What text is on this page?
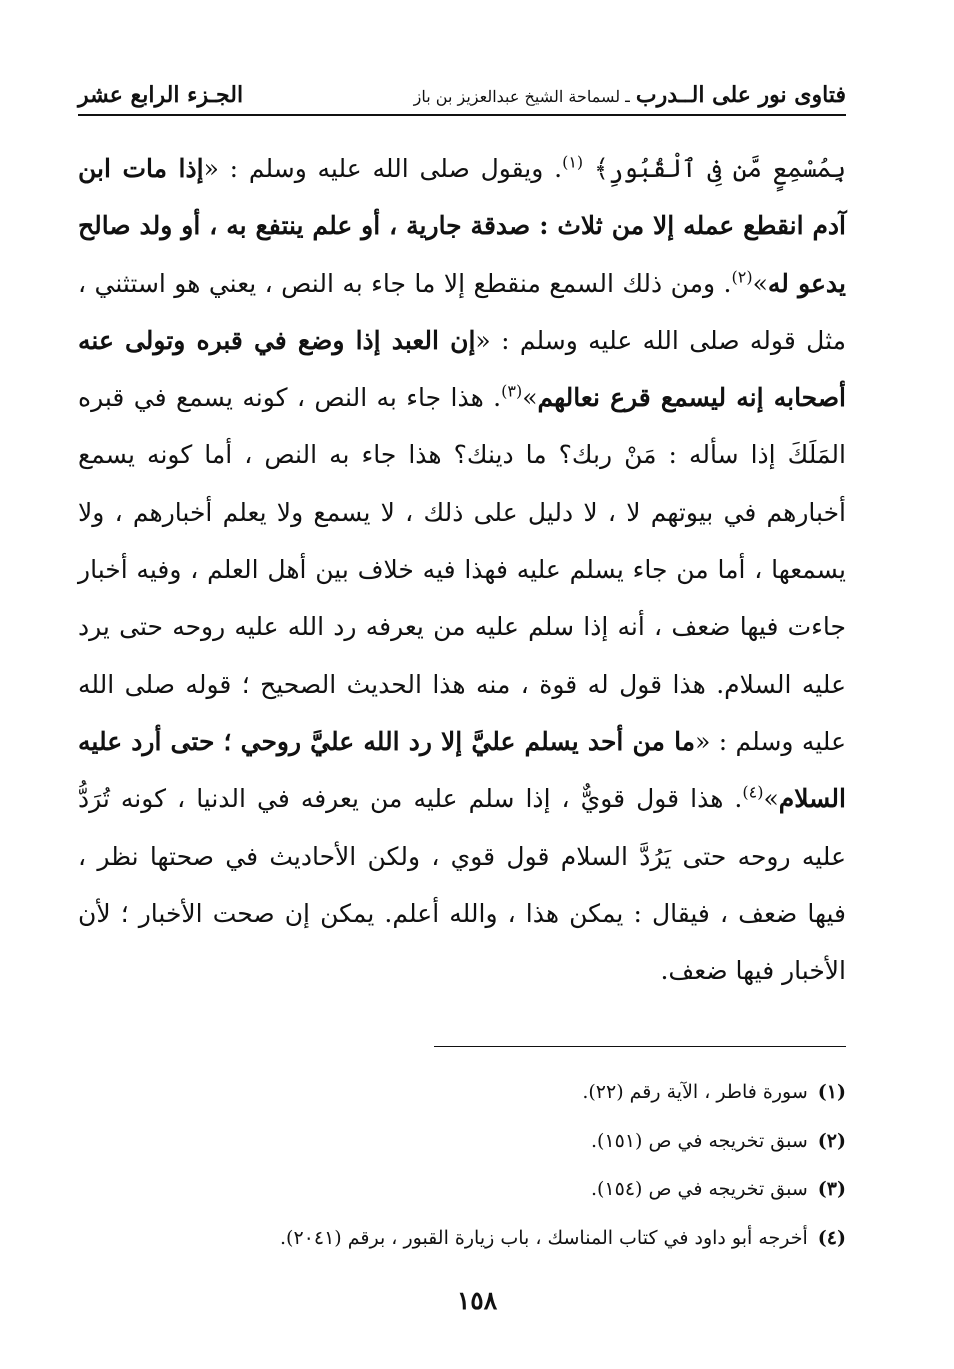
فتاوى نور على الــدرب
ـ لسماحة الشيخ عبدالعزيز بن باز
الجـزء الرابع عشر

بِمُسْمِعٍ مَّن فِى ٱلْقُبُورِ﴾ $^{(١)}$. ويقول صلى الله عليه وسلم : «إذا مات ابن آدم انقطع عمله إلا من ثلاث : صدقة جارية ، أو علم ينتفع به ، أو ولد صالح يدعو له»$^{(٢)}$. ومن ذلك السمع منقطع إلا ما جاء به النص ، يعني هو استثني ، مثل قوله صلى الله عليه وسلم : «إن العبد إذا وضع في قبره وتولى عنه أصحابه إنه ليسمع قرع نعالهم»$^{(٣)}$. هذا جاء به النص ، كونه يسمع في قبره المَلَكَ إذا سأله : مَنْ ربك؟ ما دينك؟ هذا جاء به النص ، أما كونه يسمع أخبارهم في بيوتهم لا ، لا دليل على ذلك ، لا يسمع ولا يعلم أخبارهم ، ولا يسمعها ، أما من جاء يسلم عليه فهذا فيه خلاف بين أهل العلم ، وفيه أخبار جاءت فيها ضعف ، أنه إذا سلم عليه من يعرفه رد الله عليه روحه حتى يرد عليه السلام. هذا قول له قوة ، منه هذا الحديث الصحيح ؛ قوله صلى الله عليه وسلم : «ما من أحد يسلم عليَّ إلا رد الله عليَّ روحي ؛ حتى أرد عليه السلام»$^{(٤)}$. هذا قول قويٌّ ، إذا سلم عليه من يعرفه في الدنيا ، كونه تُرَدُّ عليه روحه حتى يَرُدَّ السلام قول قوي ، ولكن الأحاديث في صحتها نظر ، فيها ضعف ، فيقال : يمكن هذا ، والله أعلم. يمكن إن صحت الأخبار ؛ لأن الأخبار فيها ضعف.

(١)
سورة فاطر ، الآية رقم (٢٢).
(٢)
سبق تخريجه في ص (١٥١).
(٣)
سبق تخريجه في ص (١٥٤).
(٤)
أخرجه أبو داود في كتاب المناسك ، باب زيارة القبور ، برقم (٢٠٤١).
١٥٨
